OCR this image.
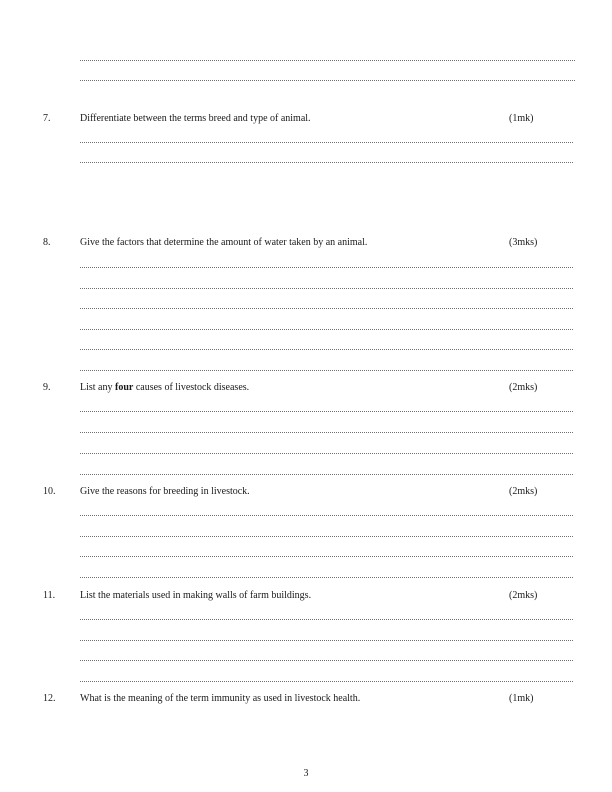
7.	Differentiate between the terms breed and type of animal.	(1mk)
8.	Give the factors that determine the amount of water taken by an animal.	(3mks)
9.	List any four causes of livestock diseases.	(2mks)
10. Give the reasons for breeding in livestock.	(2mks)
11. List the materials used in making walls of farm buildings.	(2mks)
12. What is the meaning of the term immunity as used in livestock health.	(1mk)
3
